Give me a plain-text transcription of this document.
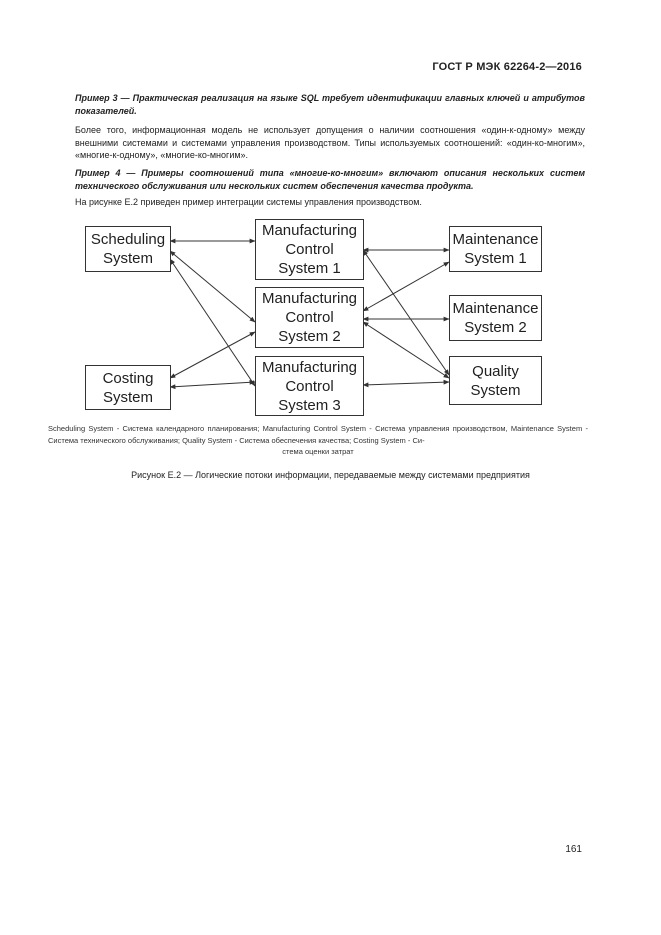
ГОСТ Р МЭК 62264-2—2016
Пример 3 — Практическая реализация на языке SQL требует идентификации главных ключей и атрибутов показателей.
Более того, информационная модель не использует допущения о наличии соотношения «один-к-одному» между внешними системами и системами управления производством. Типы используемых соотношений: «один-ко-многим», «многие-к-одному», «многие-ко-многим».
Пример 4 — Примеры соотношений типа «многие-ко-многим» включают описания нескольких систем технического обслуживания или нескольких систем обеспечения качества продукта.
На рисунке Е.2 приведен пример интеграции системы управления производством.
Scheduling System
Costing System
Manufacturing Control System 1
Manufacturing Control System 2
Manufacturing Control System 3
Maintenance System 1
Maintenance System 2
Quality System
Scheduling System - Система календарного планирования; Manufacturing Control System - Система управления производством, Maintenance System - Система технического обслуживания; Quality System - Система обеспечения качества; Costing System - Си-
стема оценки затрат
Рисунок Е.2 — Логические потоки информации, передаваемые между системами предприятия
161
